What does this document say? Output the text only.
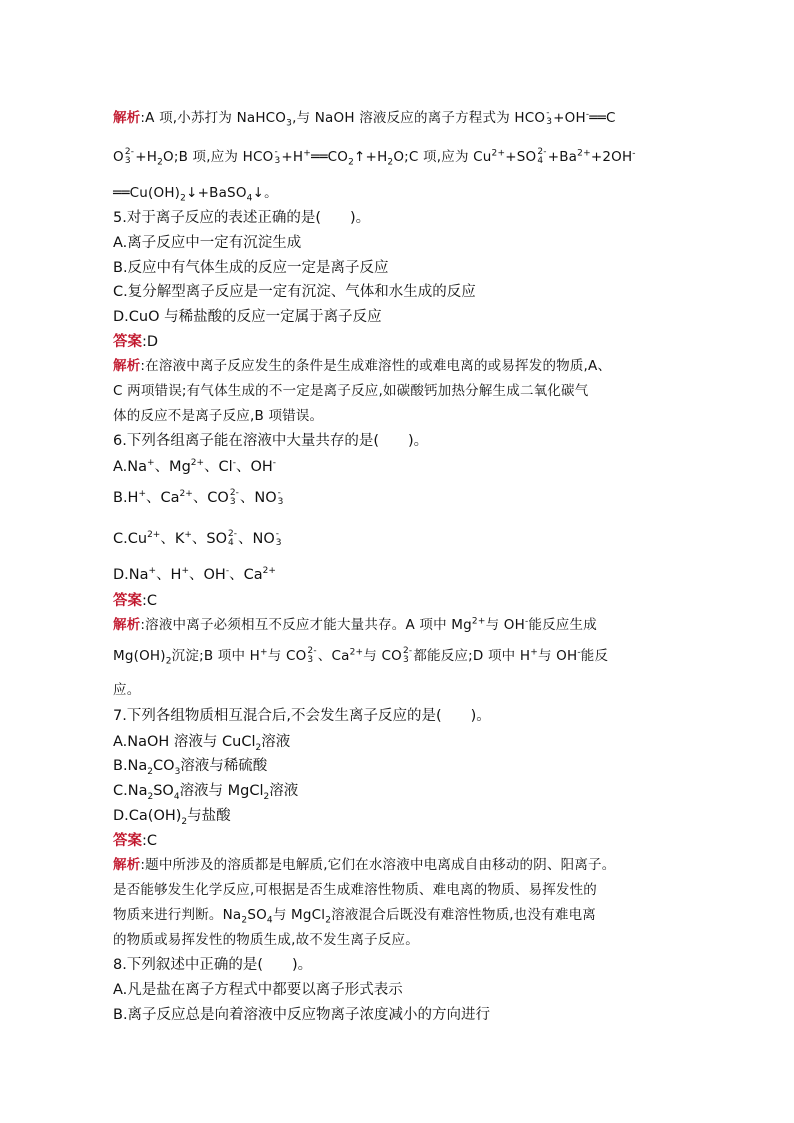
解析:A 项,小苏打为 NaHCO$_3$,与 NaOH 溶液反应的离子方程式为 HCO -
3 +OH-══C
O 2-
$3 +H_2O;B$ 项,应为 HCO -
$3 +H^+══CO_2↑+H_2O;C$ 项,应为 $Cu^{2+}+SO$ 2-
$4 +Ba^{2+}+2OH^-$
$══Cu(OH)_2↓+BaSO_4↓$。
5.对于离子反应的表述正确的是(　　)。
A.离子反应中一定有沉淀生成
B.反应中有气体生成的反应一定是离子反应
C.复分解型离子反应是一定有沉淀、气体和水生成的反应
D.CuO 与稀盐酸的反应一定属于离子反应
答案:D
解析:在溶液中离子反应发生的条件是生成难溶性的或难电离的或易挥发的物质,A、
C 两项错误;有气体生成的不一定是离子反应,如碳酸钙加热分解生成二氧化碳气
体的反应不是离子反应,B 项错误。
6.下列各组离子能在溶液中大量共存的是(　　)。
A.Na+、$Mg^{2+}$、Cl-、OH-
B.H+、$Ca^{2+}$、CO 2-
3 、NO -
3
$C.Cu^{2+}$、K+、SO 2-
4 、NO -
3
D.Na+、H+、OH-、$Ca^{2+}$
答案:C
解析:溶液中离子必须相互不反应才能大量共存。A 项中 $Mg^{2+}$与 OH-能反应生成
$Mg(OH)_2$沉淀;B 项中 H+与 CO 2-
3 、$Ca^{2+}$与 CO 2-
3 都能反应;D 项中 H+与 OH-能反
应。
7.下列各组物质相互混合后,不会发生离子反应的是(　　)。
A.NaOH 溶液与 CuCl$_2$溶液
$B.Na_2CO_3$溶液与稀硫酸
$C.Na_2SO_4$溶液与 MgCl$_2$溶液
$D.Ca(OH)_2$与盐酸
答案:C
解析:题中所涉及的溶质都是电解质,它们在水溶液中电离成自由移动的阴、阳离子。
是否能够发生化学反应,可根据是否生成难溶性物质、难电离的物质、易挥发性的
物质来进行判断。$Na_2SO_4$与 MgCl$_2$溶液混合后既没有难溶性物质,也没有难电离
的物质或易挥发性的物质生成,故不发生离子反应。
8.下列叙述中正确的是(　　)。
A.凡是盐在离子方程式中都要以离子形式表示
B.离子反应总是向着溶液中反应物离子浓度减小的方向进行
